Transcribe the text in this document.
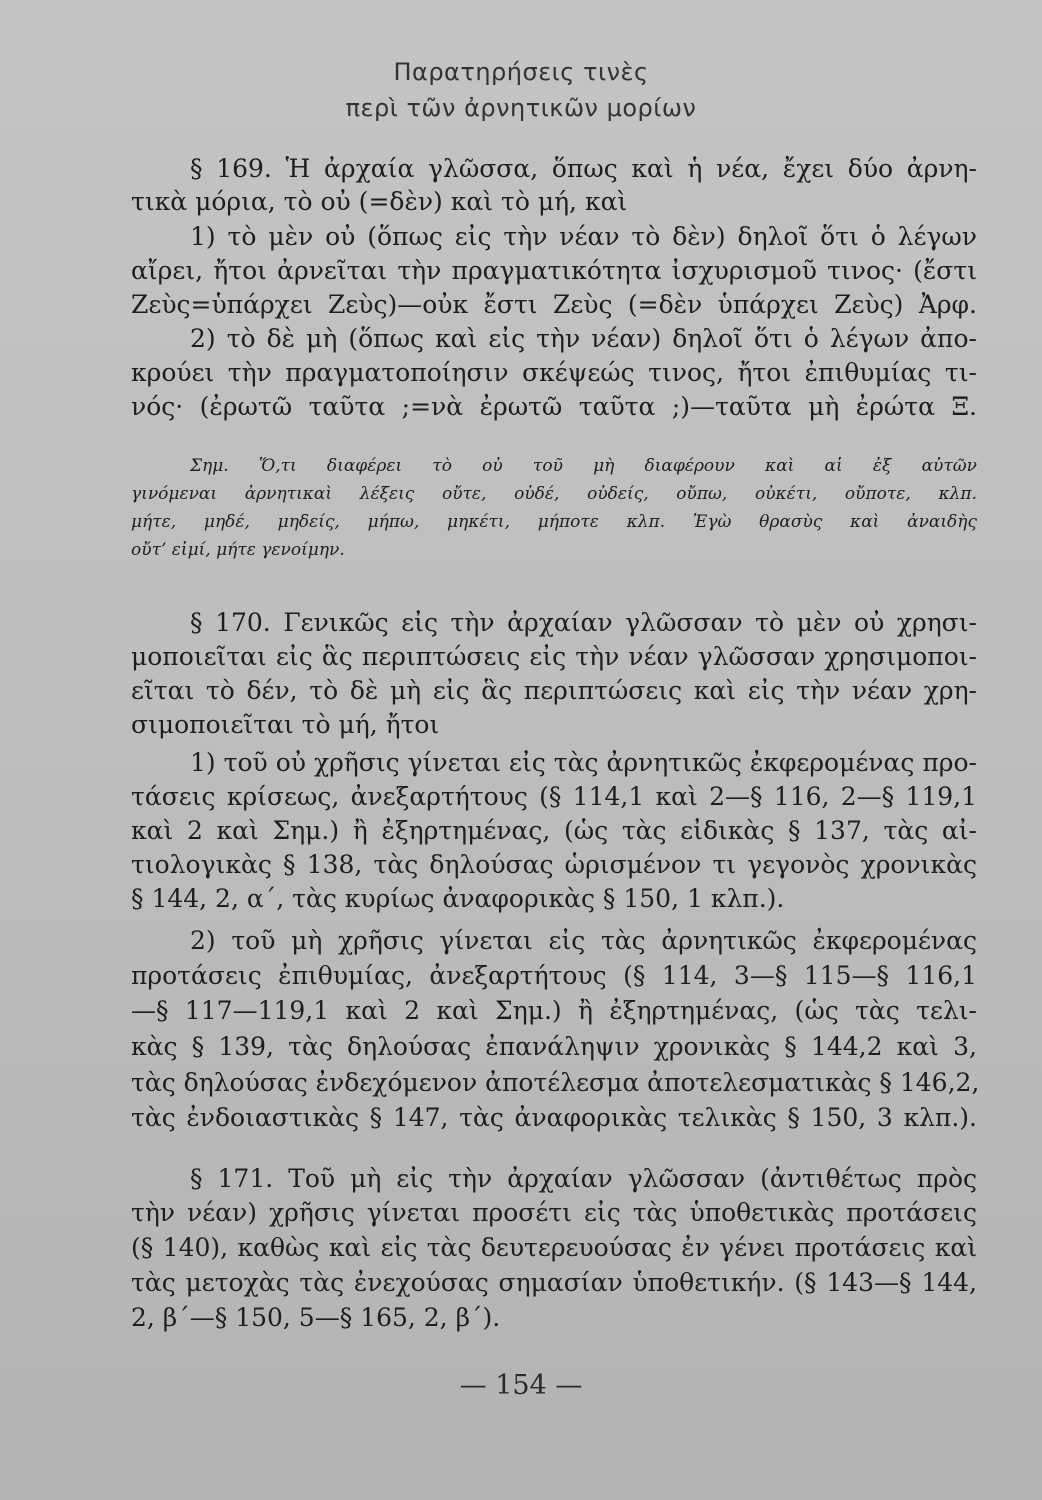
Παρατηρήσεις τινὲς
περὶ τῶν ἀρνητικῶν μορίων
§ 169. Ἡ ἀρχαία γλῶσσα, ὅπως καὶ ἡ νέα, ἔχει δύο ἀρνη-
τικὰ μόρια, τὸ οὐ (=δὲν) καὶ τὸ μή, καὶ
1) τὸ μὲν οὐ (ὅπως εἰς τὴν νέαν τὸ δὲν) δηλοῖ ὅτι ὁ λέγων
αἴρει, ἤτοι ἀρνεῖται τὴν πραγματικότητα ἰσχυρισμοῦ τινος· (ἔστι
Ζεὺς=ὑπάρχει Ζεὺς)—οὐκ ἔστι Ζεὺς (=δὲν ὑπάρχει Ζεὺς) Ἀρφ.
2) τὸ δὲ μὴ (ὅπως καὶ εἰς τὴν νέαν) δηλοῖ ὅτι ὁ λέγων ἀπο-
κρούει τὴν πραγματοποίησιν σκέψεώς τινος, ἤτοι ἐπιθυμίας τι-
νός· (ἐρωτῶ ταῦτα ;=νὰ ἐρωτῶ ταῦτα ;)—ταῦτα μὴ ἐρώτα Ξ.
Σημ. Ὅ,τι διαφέρει τὸ οὐ τοῦ μὴ διαφέρουν καὶ αἱ ἐξ αὐτῶν
γινόμεναι ἀρνητικαὶ λέξεις οὔτε, οὐδέ, οὐδείς, οὔπω, οὐκέτι, οὔποτε, κλπ.
μήτε, μηδέ, μηδείς, μήπω, μηκέτι, μήποτε κλπ. Ἐγὼ θρασὺς καὶ ἀναιδὴς
οὔτ’ εἰμί, μήτε γενοίμην.
§ 170. Γενικῶς εἰς τὴν ἀρχαίαν γλῶσσαν τὸ μὲν οὐ χρησι-
μοποιεῖται εἰς ἃς περιπτώσεις εἰς τὴν νέαν γλῶσσαν χρησιμοποι-
εῖται τὸ δέν, τὸ δὲ μὴ εἰς ἃς περιπτώσεις καὶ εἰς τὴν νέαν χρη-
σιμοποιεῖται τὸ μή, ἤτοι
1) τοῦ οὐ χρῆσις γίνεται εἰς τὰς ἀρνητικῶς ἐκφερομένας προ-
τάσεις κρίσεως, ἀνεξαρτήτους (§ 114,1 καὶ 2—§ 116, 2—§ 119,1
καὶ 2 καὶ Σημ.) ἢ ἐξηρτημένας, (ὡς τὰς εἰδικὰς § 137, τὰς αἰ-
τιολογικὰς § 138, τὰς δηλούσας ὡρισμένον τι γεγονὸς χρονικὰς
§ 144, 2, α΄, τὰς κυρίως ἀναφορικὰς § 150, 1 κλπ.).
2) τοῦ μὴ χρῆσις γίνεται εἰς τὰς ἀρνητικῶς ἐκφερομένας
προτάσεις ἐπιθυμίας, ἀνεξαρτήτους (§ 114, 3—§ 115—§ 116,1
—§ 117—119,1 καὶ 2 καὶ Σημ.) ἢ ἐξηρτημένας, (ὡς τὰς τελι-
κὰς § 139, τὰς δηλούσας ἐπανάληψιν χρονικὰς § 144,2 καὶ 3,
τὰς δηλούσας ἐνδεχόμενον ἀποτέλεσμα ἀποτελεσματικὰς § 146,2,
τὰς ἐνδοιαστικὰς § 147, τὰς ἀναφορικὰς τελικὰς § 150, 3 κλπ.).
§ 171. Τοῦ μὴ εἰς τὴν ἀρχαίαν γλῶσσαν (ἀντιθέτως πρὸς
τὴν νέαν) χρῆσις γίνεται προσέτι εἰς τὰς ὑποθετικὰς προτάσεις
(§ 140), καθὼς καὶ εἰς τὰς δευτερευούσας ἐν γένει προτάσεις καὶ
τὰς μετοχὰς τὰς ἐνεχούσας σημασίαν ὑποθετικήν. (§ 143—§ 144,
2, β΄—§ 150, 5—§ 165, 2, β΄).
— 154 —
